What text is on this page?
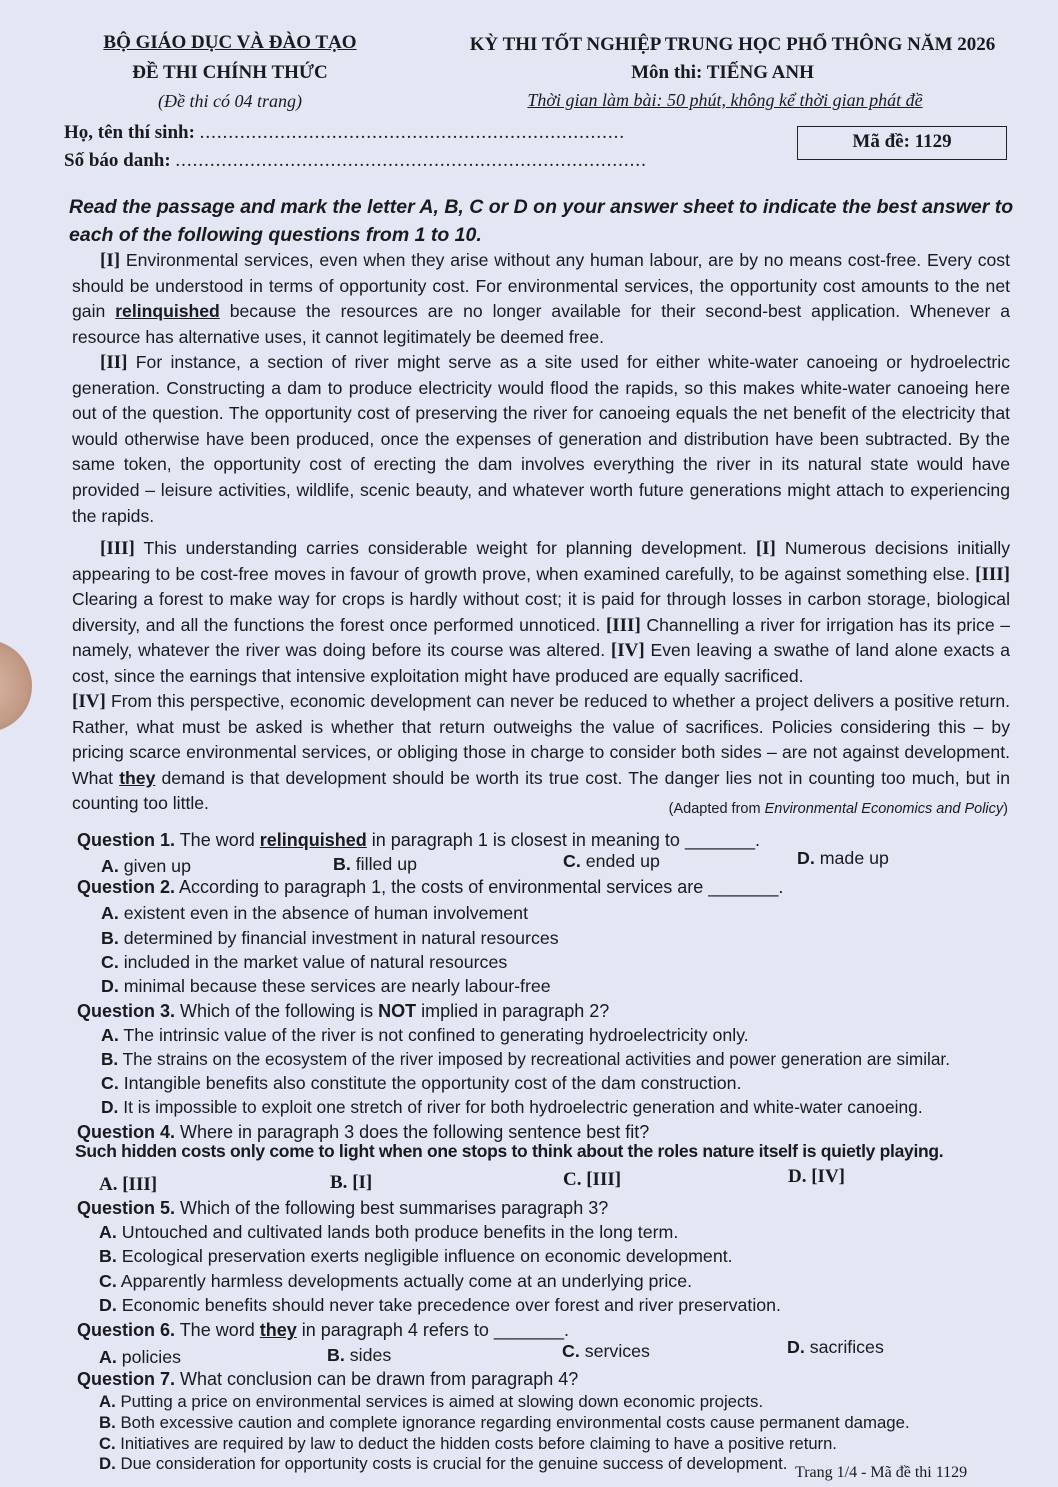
BỘ GIÁO DỤC VÀ ĐÀO TẠO
ĐỀ THI CHÍNH THỨC
(Đề thi có 04 trang)
KỲ THI TỐT NGHIỆP TRUNG HỌC PHỔ THÔNG NĂM 2026
Môn thi: TIẾNG ANH
Thời gian làm bài: 50 phút, không kể thời gian phát đề
Họ, tên thí sinh: ..........................................................................
Số báo danh: ..................................................................................
Mã đề: 1129
Read the passage and mark the letter A, B, C or D on your answer sheet to indicate the best answer to each of the following questions from 1 to 10.
[I] Environmental services, even when they arise without any human labour, are by no means cost-free. Every cost should be understood in terms of opportunity cost. For environmental services, the opportunity cost amounts to the net gain relinquished because the resources are no longer available for their second-best application. Whenever a resource has alternative uses, it cannot legitimately be deemed free.
[II] For instance, a section of river might serve as a site used for either white-water canoeing or hydroelectric generation. Constructing a dam to produce electricity would flood the rapids, so this makes white-water canoeing here out of the question. The opportunity cost of preserving the river for canoeing equals the net benefit of the electricity that would otherwise have been produced, once the expenses of generation and distribution have been subtracted. By the same token, the opportunity cost of erecting the dam involves everything the river in its natural state would have provided – leisure activities, wildlife, scenic beauty, and whatever worth future generations might attach to experiencing the rapids.
[III] This understanding carries considerable weight for planning development. [I] Numerous decisions initially appearing to be cost-free moves in favour of growth prove, when examined carefully, to be against something else. [III] Clearing a forest to make way for crops is hardly without cost; it is paid for through losses in carbon storage, biological diversity, and all the functions the forest once performed unnoticed. [III] Channelling a river for irrigation has its price – namely, whatever the river was doing before its course was altered. [IV] Even leaving a swathe of land alone exacts a cost, since the earnings that intensive exploitation might have produced are equally sacrificed.
[IV] From this perspective, economic development can never be reduced to whether a project delivers a positive return. Rather, what must be asked is whether that return outweighs the value of sacrifices. Policies considering this – by pricing scarce environmental services, or obliging those in charge to consider both sides – are not against development. What they demand is that development should be worth its true cost. The danger lies not in counting too much, but in counting too little.	(Adapted from Environmental Economics and Policy)
Question 1. The word relinquished in paragraph 1 is closest in meaning to _______.
A. given up	B. filled up	C. ended up	D. made up
Question 2. According to paragraph 1, the costs of environmental services are _______.
A. existent even in the absence of human involvement
B. determined by financial investment in natural resources
C. included in the market value of natural resources
D. minimal because these services are nearly labour-free
Question 3. Which of the following is NOT implied in paragraph 2?
A. The intrinsic value of the river is not confined to generating hydroelectricity only.
B. The strains on the ecosystem of the river imposed by recreational activities and power generation are similar.
C. Intangible benefits also constitute the opportunity cost of the dam construction.
D. It is impossible to exploit one stretch of river for both hydroelectric generation and white-water canoeing.
Question 4. Where in paragraph 3 does the following sentence best fit?
Such hidden costs only come to light when one stops to think about the roles nature itself is quietly playing.
A. [III]	B. [I]	C. [III]	D. [IV]
Question 5. Which of the following best summarises paragraph 3?
A. Untouched and cultivated lands both produce benefits in the long term.
B. Ecological preservation exerts negligible influence on economic development.
C. Apparently harmless developments actually come at an underlying price.
D. Economic benefits should never take precedence over forest and river preservation.
Question 6. The word they in paragraph 4 refers to _______.
A. policies	B. sides	C. services	D. sacrifices
Question 7. What conclusion can be drawn from paragraph 4?
A. Putting a price on environmental services is aimed at slowing down economic projects.
B. Both excessive caution and complete ignorance regarding environmental costs cause permanent damage.
C. Initiatives are required by law to deduct the hidden costs before claiming to have a positive return.
D. Due consideration for opportunity costs is crucial for the genuine success of development. Trang 1/4 - Mã đề thi 1129
